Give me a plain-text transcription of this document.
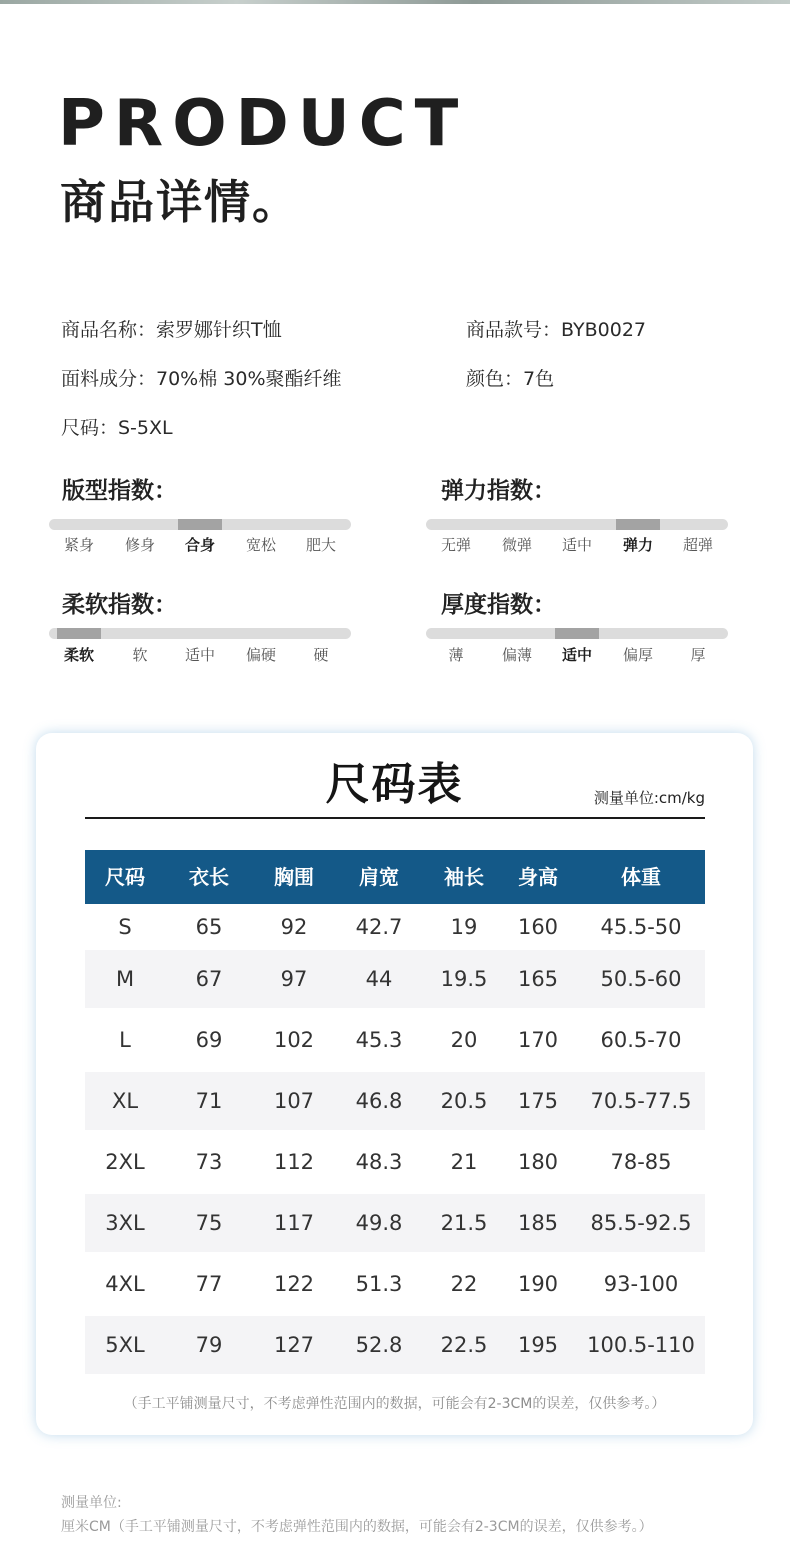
PRODUCT
商品详情。
商品名称：索罗娜针织T恤	商品款号：BYB0027
面料成分：70%棉 30%聚酯纤维	颜色：7色
尺码：S-5XL
版型指数：
紧身	修身	合身	宽松	肥大
弹力指数：
无弹	微弹	适中	弹力	超弹
柔软指数：
柔软	软	适中	偏硬	硬
厚度指数：
薄	偏薄	适中	偏厚	厚
尺码表	测量单位:cm/kg
尺码 衣长 胸围 肩宽 袖长 身高	体重
S	65	92 42.7 19 160 45.5-50
M	67	97	44 19.5 165 50.5-60
L	69 102 45.3 20 170 60.5-70
XL	71 107 46.8 20.5 175 70.5-77.5
2XL 73 112 48.3 21 180 78-85
3XL 75 117 49.8 21.5 185 85.5-92.5
4XL 77 122 51.3 22 190 93-100
5XL 79 127 52.8 22.5 195 100.5-110
（手工平铺测量尺寸，不考虑弹性范围内的数据，可能会有2-3CM的误差，仅供参考。）
测量单位:
厘米CM（手工平铺测量尺寸，不考虑弹性范围内的数据，可能会有2-3CM的误差，仅供参考。）
